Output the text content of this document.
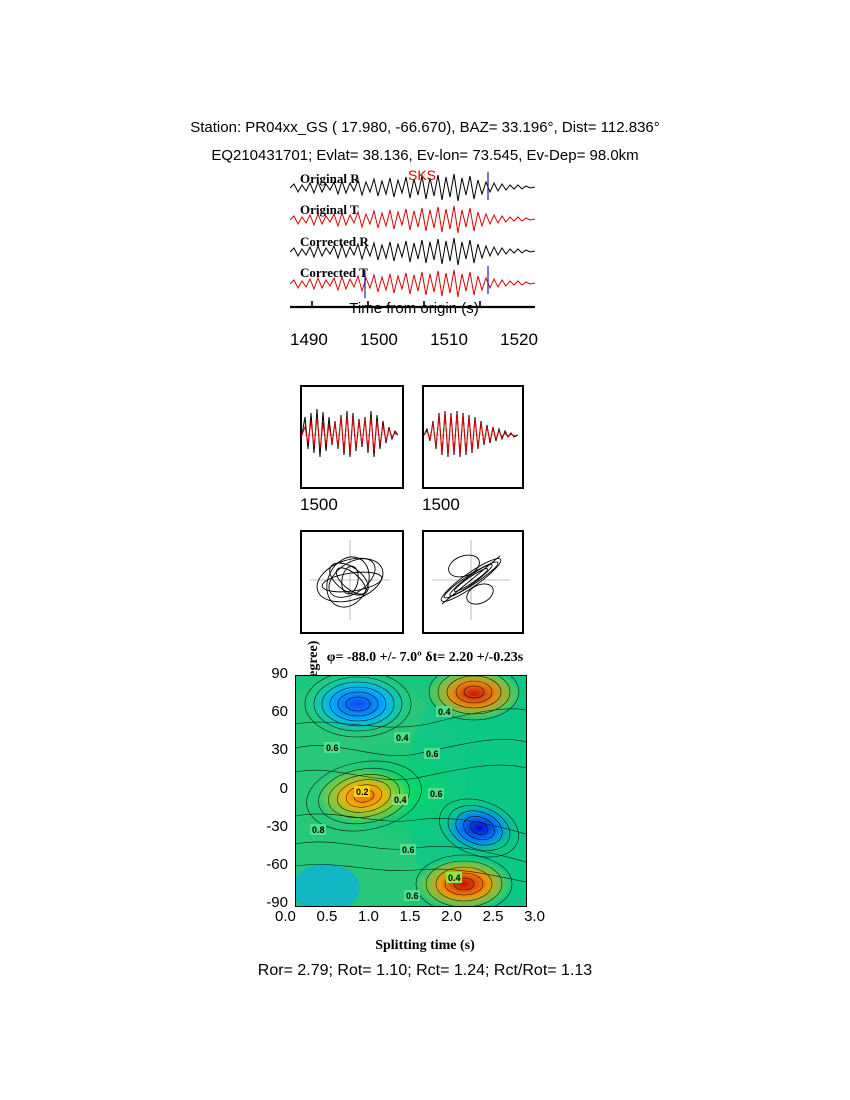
Station: PR04xx_GS ( 17.980, -66.670), BAZ= 33.196°, Dist= 112.836°
EQ210431701; Evlat= 38.136, Ev-lon= 73.545, Ev-Dep= 98.0km
Original R
Original T
Corrected R
Corrected T
SKS
Time from origin (s)
1490 1500 1510 1520
1500	1500
φ= -88.0 +/- 7.0º δt= 2.20 +/-0.23s
90
60
30
0
-30
-60
-90
0.6
0.4
0.4
0.6
0.2
0.4
0.6
0.8
0.6
0.4
0.6
0.0 0.5 1.0 1.5 2.0 2.5 3.0
Splitting time (s)
Ror= 2.79; Rot= 1.10; Rct= 1.24; Rct/Rot= 1.13
